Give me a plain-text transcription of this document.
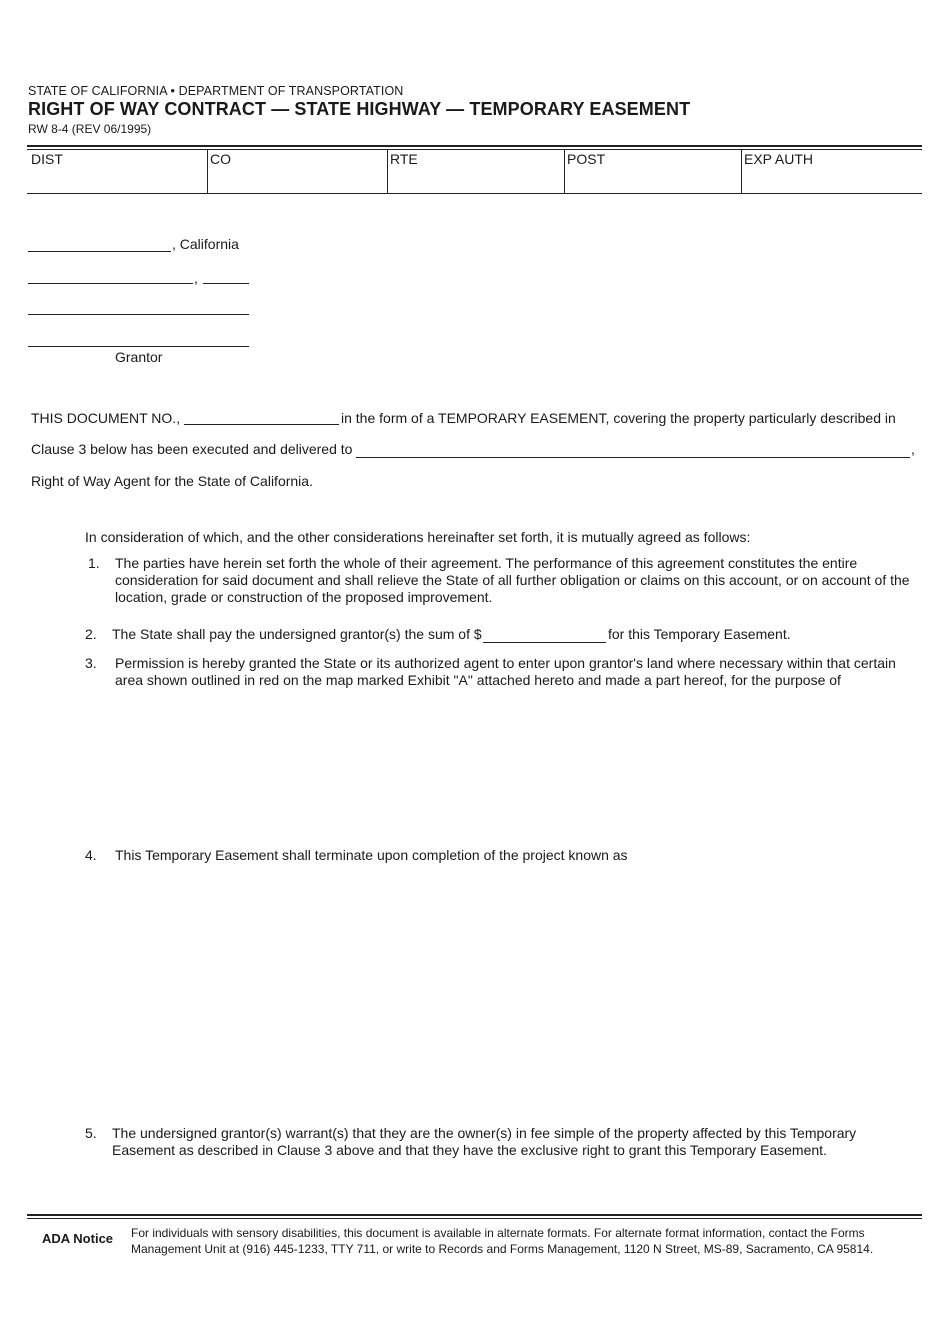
STATE OF CALIFORNIA • DEPARTMENT OF TRANSPORTATION
RIGHT OF WAY CONTRACT — STATE HIGHWAY — TEMPORARY EASEMENT
RW 8-4 (REV 06/1995)
DIST	CO	RTE	POST	EXP AUTH
, California
,
Grantor
THIS DOCUMENT NO.,	in the form of a TEMPORARY EASEMENT, covering the property particularly described in
Clause 3 below has been executed and delivered to	,
Right of Way Agent for the State of California.
In consideration of which, and the other considerations hereinafter set forth, it is mutually agreed as follows:
1. The parties have herein set forth the whole of their agreement. The performance of this agreement constitutes the entire
consideration for said document and shall relieve the State of all further obligation or claims on this account, or on account of the
location, grade or construction of the proposed improvement.
2. The State shall pay the undersigned grantor(s) the sum of $	for this Temporary Easement.
3. Permission is hereby granted the State or its authorized agent to enter upon grantor's land where necessary within that certain
area shown outlined in red on the map marked Exhibit "A" attached hereto and made a part hereof, for the purpose of
4. This Temporary Easement shall terminate upon completion of the project known as
5. The undersigned grantor(s) warrant(s) that they are the owner(s) in fee simple of the property affected by this Temporary
Easement as described in Clause 3 above and that they have the exclusive right to grant this Temporary Easement.
ADA Notice For individuals with sensory disabilities, this document is available in alternate formats. For alternate format information, contact the Forms
Management Unit at (916) 445-1233, TTY 711, or write to Records and Forms Management, 1120 N Street, MS-89, Sacramento, CA 95814.
